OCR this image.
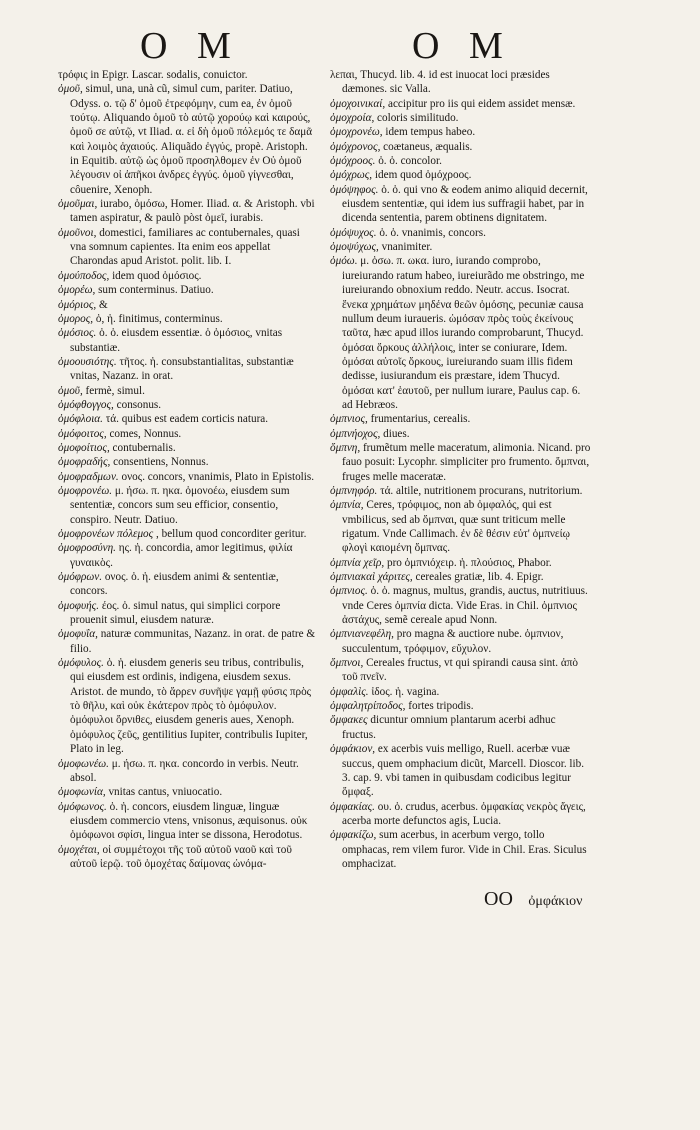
O M	O M

τρόφις in Epigr. Lascar. sodalis, conuictor.

ὁμοῦ, simul, una, unà cũ, simul cum, pariter. Datiuo, Odyss. ο. τῷ δ' ὁμοῦ ἐτρεφόμην, cum ea, ἐν ὁμοῦ τούτῳ. Aliquando ὁμοῦ τὸ αὐτῷ χορούῳ καὶ καιρούς, ὁμοῦ σε αὐτῷ, vt Iliad. α. εἰ δὴ ὁμοῦ πόλεμός τε δαμᾶ καὶ λοιμὸς ἀχαιούς. Aliquãdo ἐγγύς, propè. Aristoph. in Equitib. αὐτῷ ὡς ὁμοῦ προσηλθομεν ἐν Οὐ ὁμοῦ λέγουσιν οἱ ἀπῆκοι ἀνδρες ἐγγύς. ὁμοῦ γίγνεσθαι, côuenire, Xenoph.

ὁμοῦμαι, iurabo, ὁμόσω, Homer. Iliad. α. & Aristoph. vbi tamen aspiratur, & paulò pòst ὁμεῖ, iurabis.

ὁμοῦνοι, domestici, familiares ac contubernales, quasi vna somnum capientes. Ita enim eos appellat Charondas apud Aristot. polit. lib. I.

ὁμούποδος, idem quod ὁμόσιος.

ὁμορέω, sum conterminus. Datiuo.

ὁμόριος, &

ὁμορος, ὁ, ἡ. finitimus, conterminus.

ὁμόσιος. ὁ. ὁ. eiusdem essentiæ. ὁ ὁμόσιος, vnitas substantiæ.

ὁμοουσιότης. τῆτος. ἡ. consubstantialitas, substantiæ vnitas, Nazanz. in orat.

ὁμοῦ, fermè, simul.

ὁμόφθογγος, consonus.

ὁμόφλοια. τά. quibus est eadem corticis natura.

ὁμόφοιτος, comes, Nonnus.

ὁμοφοίτιος, contubernalis.

ὁμοφραδής, consentiens, Nonnus.

ὁμοφραδμων. ονος. concors, vnanimis, Plato in Epistolis.

ὁμοφρονέω. μ. ήσω. π. ηκα. ὁμονοέω, eiusdem sum sententiæ, concors sum seu efficior, consentio, conspiro. Neutr. Datiuo.

ὁμοφρονέων πόλεμος , bellum quod concorditer geritur.

ὁμοφροσύνη. ης. ἡ. concordia, amor legitimus, φιλία γυναικὸς.

ὁμόφρων. ονος. ὁ. ἡ. eiusdem animi & sententiæ, concors.

ὁμοφυής. έος. ὁ. simul natus, qui simplici corpore prouenit simul, eiusdem naturæ.

ὁμοφυΐα, naturæ communitas, Nazanz. in orat. de patre & filio.

ὁμόφυλος. ὁ. ἡ. eiusdem generis seu tribus, contribulis, qui eiusdem est ordinis, indigena, eiusdem sexus. Aristot. de mundo, τὸ ἄρρεν συνῆψε γαμῇ φύσις πρὸς τὸ θῆλυ, καὶ οὐκ ἑκάτερον πρὸς τὸ ὁμόφυλον. ὁμόφυλοι ὄρνιθες, eiusdem generis aues, Xenoph. ὁμόφυλος ζεῦς, gentilitius Iupiter, contribulis Iupiter, Plato in leg.

ὁμοφωνέω. μ. ήσω. π. ηκα. concordo in verbis. Neutr. absol.

ὁμοφωνία, vnitas cantus, vniuocatio.

ὁμόφωνος. ὁ. ἡ. concors, eiusdem linguæ, linguæ eiusdem commercio vtens, vnisonus, æquisonus. οὐκ ὁμόφωνοι σφίσι, lingua inter se dissona, Herodotus.

ὁμοχέται, οἱ συμμέτοχοι τῆς τοῦ αὐτοῦ ναοῦ καὶ τοῦ αὐτοῦ ἱερῷ. τοῦ ὁμοχέτας δαίμονας ὠνόμα-

λεπαι, Thucyd. lib. 4. id est inuocat loci præsides dæmones. sic Valla.

ὁμοχοινικαί, accipitur pro iis qui eidem assidet mensæ.

ὁμοχροία, coloris similitudo.

ὁμοχρονέω, idem tempus habeo.

ὁμόχρονος, coætaneus, æqualis.

ὁμόχροος. ὁ. ὁ. concolor.

ὁμόχρως, idem quod ὁμόχροος.

ὁμόψηφος. ὁ. ὁ. qui vno & eodem animo aliquid decernit, eiusdem sententiæ, qui idem ius suffragii habet, par in dicenda sententia, parem obtinens dignitatem.

ὁμόψυχος. ὁ. ὁ. vnanimis, concors.

ὁμοψύχως, vnanimiter.

ὁμόω. μ. ὁσω. π. ωκα. iuro, iurando comprobo, iureiurando ratum habeo, iureiurãdo me obstringo, me iureiurando obnoxium reddo. Neutr. accus. Isocrat. ἕνεκα χρημάτων μηδένα θεῶν ὀμόσης, pecuniæ causa nullum deum iuraueris. ὠμόσαν πρὸς τοὺς ἐκείνους ταῦτα, hæc apud illos iurando comprobarunt, Thucyd. ὀμόσαι ὅρκους ἀλλήλοις, inter se coniurare, Idem. ὀμόσαι αὐτοῖς ὅρκους, iureiurando suam illis fidem dedisse, iusiurandum eis præstare, idem Thucyd. ὀμόσαι κατ' ἑαυτοῦ, per nullum iurare, Paulus cap. 6. ad Hebræos.

ὀμπνιος, frumentarius, cerealis.

ὀμπνήοχος, diues.

ὄμπνη, frumẽtum melle maceratum, alimonia. Nicand. pro fauo posuit: Lycophr. simpliciter pro frumento. ὄμπναι, fruges melle maceratæ.

ὀμπνηφόρ. τά. altile, nutritionem procurans, nutritorium.

ὀμπνία, Ceres, τρόφιμος, non ab ὀμφαλός, qui est vmbilicus, sed ab ὄμπναι, quæ sunt triticum melle rigatum. Vnde Callimach. ἐν δὲ θέσιν εὐτ' ὀμπνείῳ φλογὶ καιομένη ὄμπνας.

ὀμπνία χεῖρ, pro ὀμπνιόχειρ. ἡ. πλούσιος, Phabor.

ὀμπνιακαὶ χάριτες, cereales gratiæ, lib. 4. Epigr.

ὀμπνιος. ὁ. ὁ. magnus, multus, grandis, auctus, nutritiuus. vnde Ceres ὀμπνία dicta. Vide Eras. in Chil. ὀμπνιος ἀστάχυς, semẽ cereale apud Nonn.

ὀμπνιανεφέλη, pro magna & auctiore nube. ὀμπνιον, succulentum, τρόφιμον, εὔχυλον.

ὄμπνοι, Cereales fructus, vt qui spirandi causa sint. ἀπὸ τοῦ πνεῖν.

ὀμφαλὶς. ἰδος. ἡ. vagina.

ὀμφαλητρίποδος, fortes tripodis.

ὄμφακες dicuntur omnium plantarum acerbi adhuc fructus.

ὀμφάκιον, ex acerbis vuis melligo, Ruell. acerbæ vuæ succus, quem omphacium dicũt, Marcell. Dioscor. lib. 3. cap. 9. vbi tamen in quibusdam codicibus legitur ὄμφαξ.

ὀμφακίας. ου. ὁ. crudus, acerbus. ὀμφακίας νεκρὸς ἄγεις, acerba morte defunctos agis, Lucia.

ὀμφακίζω, sum acerbus, in acerbum vergo, tollo omphacas, rem vilem furor. Vide in Chil. Eras. Siculus omphacizat.

OO ὀμφάκιον
